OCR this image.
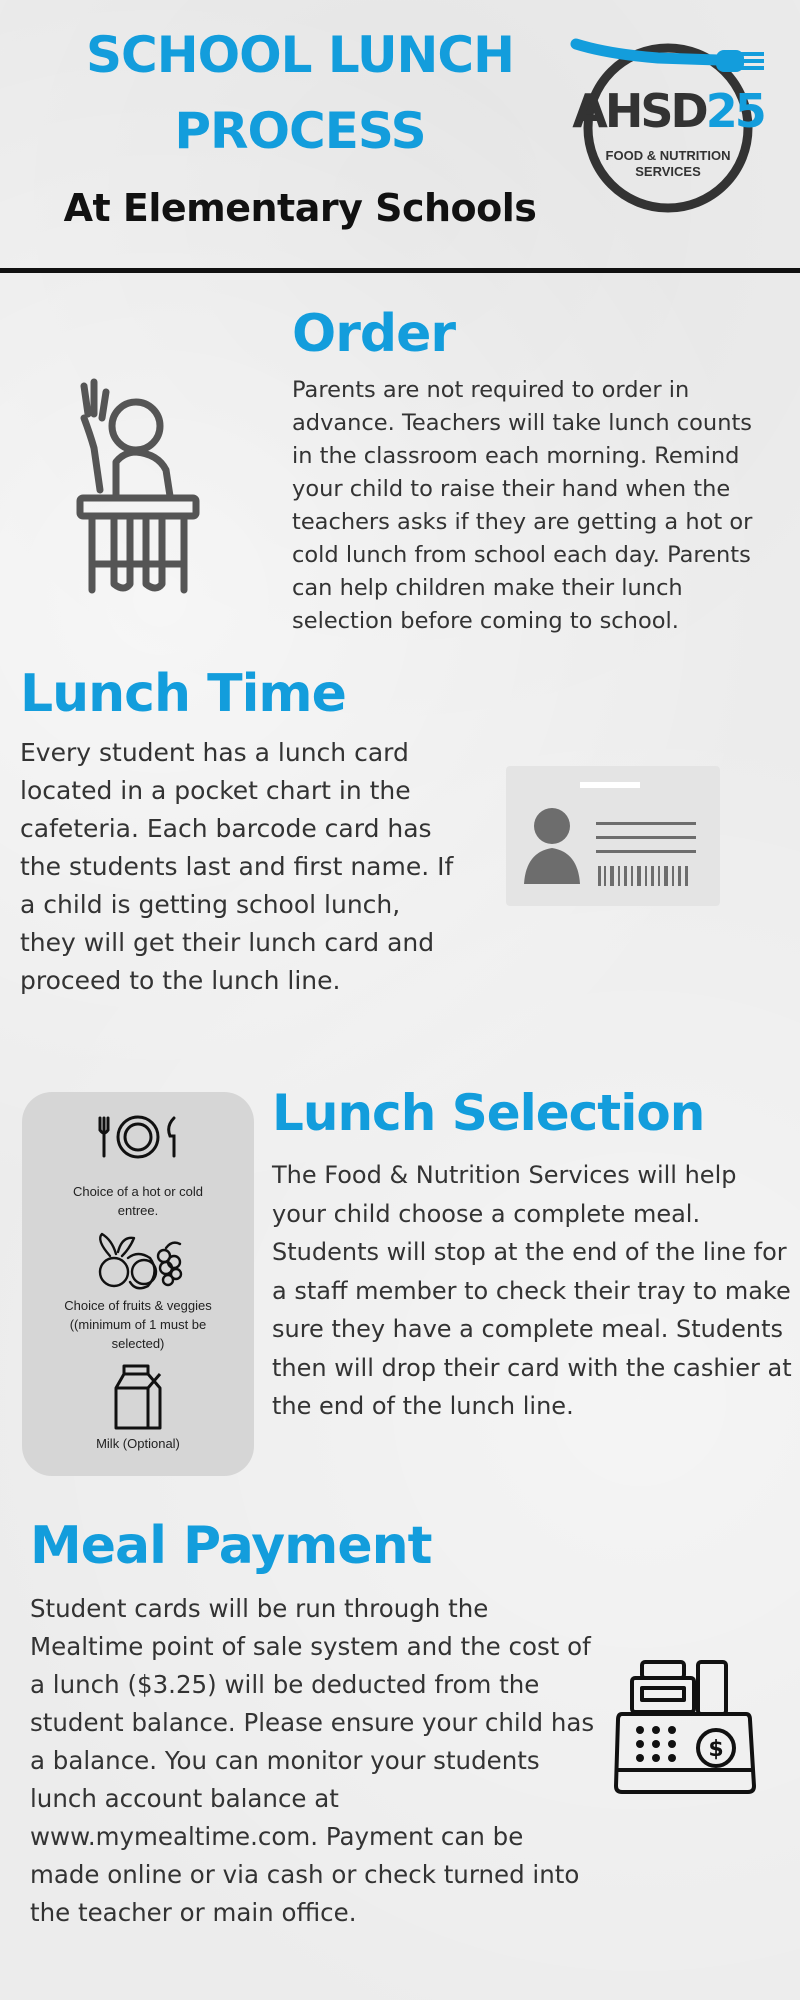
SCHOOL LUNCH
PROCESS
At Elementary Schools
AHSD25
FOOD & NUTRITION
SERVICES
Order
Parents are not required to order in advance. Teachers will take lunch counts in the classroom each morning. Remind your child to raise their hand when the teachers asks if they are getting a hot or cold lunch from school each day. Parents can help children make their lunch selection before coming to school.
Lunch Time
Every student has a lunch card located in a pocket chart in the cafeteria. Each barcode card has the students last and first name. If a child is getting school lunch, they will get their lunch card and proceed to the lunch line.
Choice of a hot or cold
entree.
Choice of fruits & veggies
((minimum of 1 must be
selected)
Milk (Optional)
Lunch Selection
The Food & Nutrition Services will help your child choose a complete meal. Students will stop at the end of the line for a staff member to check their tray to make sure they have a complete meal. Students then will drop their card with the cashier at the end of the lunch line.
Meal Payment
Student cards will be run through the Mealtime point of sale system and the cost of a lunch ($3.25) will be deducted from the student balance. Please ensure your child has a balance. You can monitor your students lunch account balance at www.mymealtime.com. Payment can be made online or via cash or check turned into the teacher or main office.
$
